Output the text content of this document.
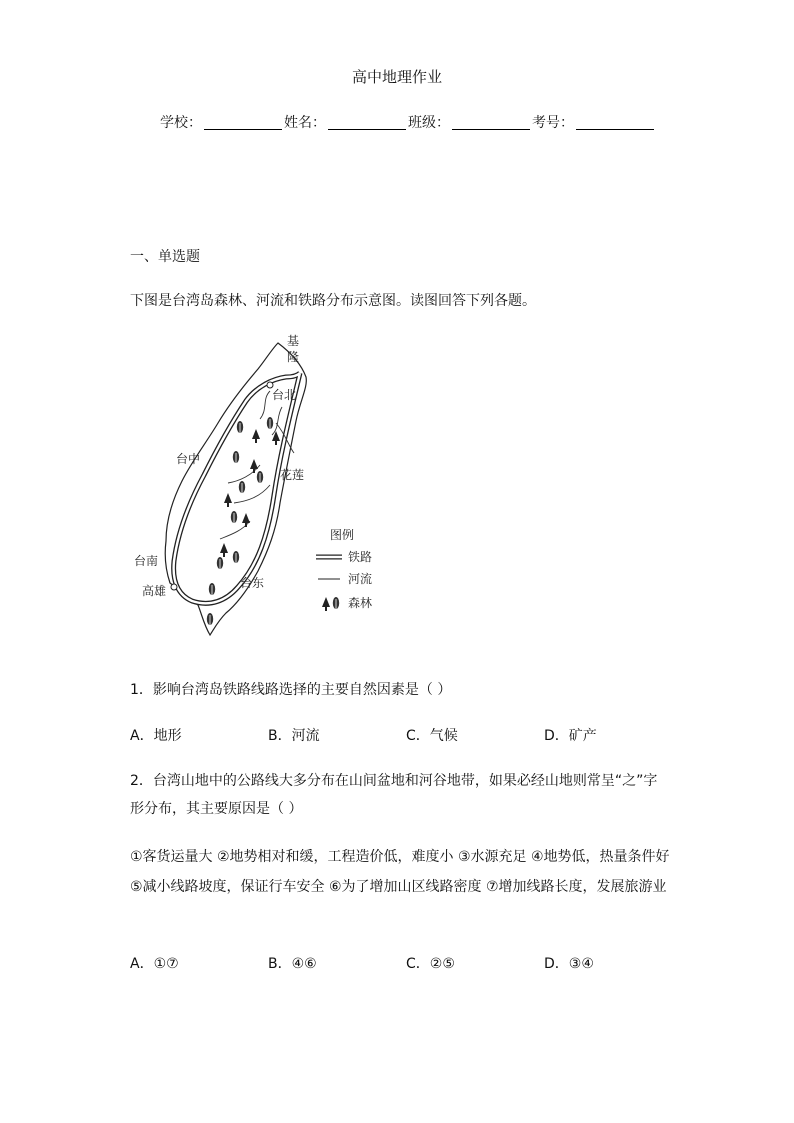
高中地理作业
学校：	姓名：	班级：	考号：
一、单选题
下图是台湾岛森林、河流和铁路分布示意图。读图回答下列各题。
基
隆
台北
台中
花莲
台南
高雄
台东
图例
铁路
河流
森林
1．影响台湾岛铁路线路选择的主要自然因素是（ ）
A．地形	B．河流	C．气候	D．矿产
2．台湾山地中的公路线大多分布在山间盆地和河谷地带，如果必经山地则常呈“之”字形分布，其主要原因是（ ）
①客货运量大 ②地势相对和缓，工程造价低，难度小 ③水源充足 ④地势低，热量条件好 ⑤减小线路坡度，保证行车安全 ⑥为了增加山区线路密度 ⑦增加线路长度，发展旅游业
A．①⑦	B．④⑥	C．②⑤	D．③④
